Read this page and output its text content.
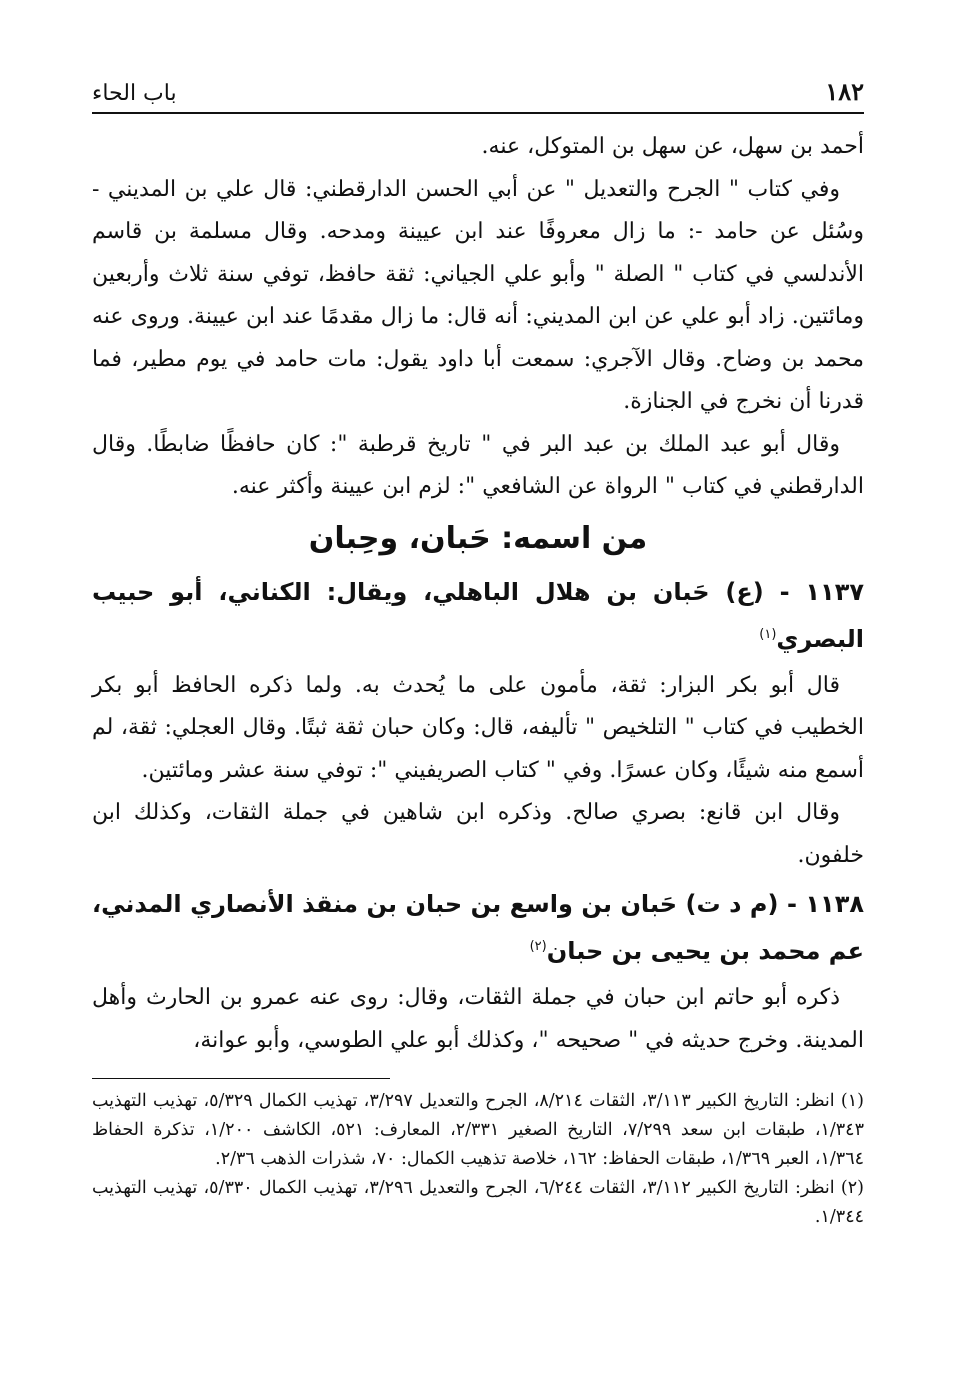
١٨٢
باب الحاء

أحمد بن سهل، عن سهل بن المتوكل، عنه.

وفي كتاب " الجرح والتعديل " عن أبي الحسن الدارقطني: قال علي بن المديني - وسُئل عن حامد -: ما زال معروفًا عند ابن عيينة ومدحه. وقال مسلمة بن قاسم الأندلسي في كتاب " الصلة " وأبو علي الجياني: ثقة حافظ، توفي سنة ثلاث وأربعين ومائتين. زاد أبو علي عن ابن المديني: أنه قال: ما زال مقدمًا عند ابن عيينة. وروى عنه محمد بن وضاح. وقال الآجري: سمعت أبا داود يقول: مات حامد في يوم مطير، فما قدرنا أن نخرج في الجنازة.

وقال أبو عبد الملك بن عبد البر في " تاريخ قرطبة ": كان حافظًا ضابطًا. وقال الدارقطني في كتاب " الرواة عن الشافعي ": لزم ابن عيينة وأكثر عنه.

من اسمه: حَبان، وحِبان

١١٣٧ - (ع) حَبان بن هلال الباهلي، ويقال: الكناني، أبو حبيب البصري$^{(١)}$

قال أبو بكر البزار: ثقة، مأمون على ما يُحدث به. ولما ذكره الحافظ أبو بكر الخطيب في كتاب " التلخيص " تأليفه، قال: وكان حبان ثقة ثبتًا. وقال العجلي: ثقة، لم أسمع منه شيئًا، وكان عسرًا. وفي " كتاب الصريفيني ": توفي سنة عشر ومائتين.

وقال ابن قانع: بصري صالح. وذكره ابن شاهين في جملة الثقات، وكذلك ابن خلفون.

١١٣٨ - (م د ت) حَبان بن واسع بن حبان بن منقذ الأنصاري المدني، عم محمد بن يحيى بن حبان$^{(٢)}$

ذكره أبو حاتم ابن حبان في جملة الثقات، وقال: روى عنه عمرو بن الحارث وأهل المدينة. وخرج حديثه في " صحيحه "، وكذلك أبو علي الطوسي، وأبو عوانة،

(١) انظر: التاريخ الكبير ٣/١١٣، الثقات ٨/٢١٤، الجرح والتعديل ٣/٢٩٧، تهذيب الكمال ٥/٣٢٩، تهذيب التهذيب ١/٣٤٣، طبقات ابن سعد ٧/٢٩٩، التاريخ الصغير ٢/٣٣١، المعارف: ٥٢١، الكاشف ١/٢٠٠، تذكرة الحفاظ ١/٣٦٤، العبر ١/٣٦٩، طبقات الحفاظ: ١٦٢، خلاصة تذهيب الكمال: ٧٠، شذرات الذهب ٢/٣٦.

(٢) انظر: التاريخ الكبير ٣/١١٢، الثقات ٦/٢٤٤، الجرح والتعديل ٣/٢٩٦، تهذيب الكمال ٥/٣٣٠، تهذيب التهذيب ١/٣٤٤.
